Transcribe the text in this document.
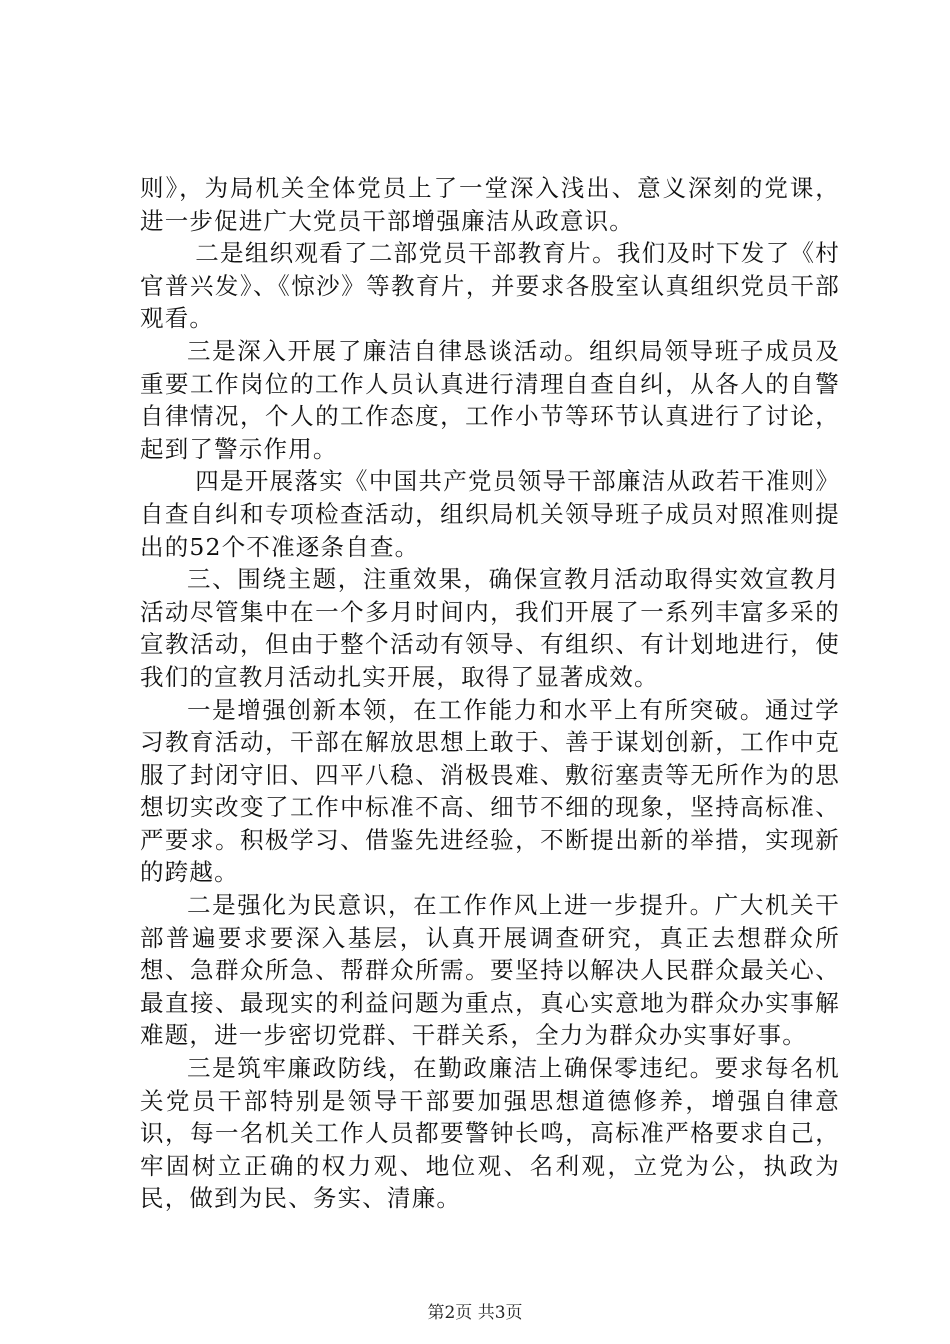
则》，为局机关全体党员上了一堂深入浅出、意义深刻的党课，进一步促进广大党员干部增强廉洁从政意识。

二是组织观看了二部党员干部教育片。我们及时下发了《村官普兴发》、《惊沙》等教育片，并要求各股室认真组织党员干部观看。

三是深入开展了廉洁自律恳谈活动。组织局领导班子成员及重要工作岗位的工作人员认真进行清理自查自纠，从各人的自警自律情况，个人的工作态度，工作小节等环节认真进行了讨论，起到了警示作用。

四是开展落实《中国共产党员领导干部廉洁从政若干准则》自查自纠和专项检查活动，组织局机关领导班子成员对照准则提出的52个不准逐条自查。

三、围绕主题，注重效果，确保宣教月活动取得实效宣教月活动尽管集中在一个多月时间内，我们开展了一系列丰富多采的宣教活动，但由于整个活动有领导、有组织、有计划地进行，使我们的宣教月活动扎实开展，取得了显著成效。

一是增强创新本领，在工作能力和水平上有所突破。通过学习教育活动，干部在解放思想上敢于、善于谋划创新，工作中克服了封闭守旧、四平八稳、消极畏难、敷衍塞责等无所作为的思想切实改变了工作中标准不高、细节不细的现象，坚持高标准、严要求。积极学习、借鉴先进经验，不断提出新的举措，实现新的跨越。

二是强化为民意识，在工作作风上进一步提升。广大机关干部普遍要求要深入基层，认真开展调查研究，真正去想群众所想、急群众所急、帮群众所需。要坚持以解决人民群众最关心、最直接、最现实的利益问题为重点，真心实意地为群众办实事解难题，进一步密切党群、干群关系，全力为群众办实事好事。

三是筑牢廉政防线，在勤政廉洁上确保零违纪。要求每名机关党员干部特别是领导干部要加强思想道德修养，增强自律意识，每一名机关工作人员都要警钟长鸣，高标准严格要求自己，牢固树立正确的权力观、地位观、名利观，立党为公，执政为民，做到为民、务实、清廉。

第2页 共3页
